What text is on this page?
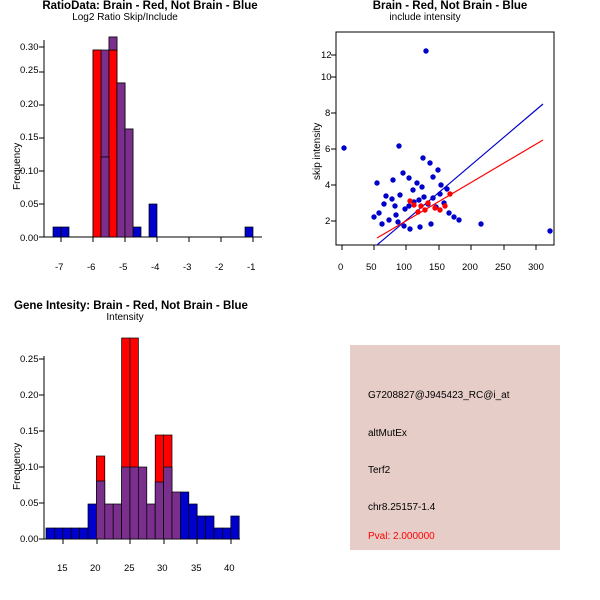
RatioData: Brain - Red, Not Brain - Blue
Frequency
Log2 Ratio Skip/Include
0.00
0.05
0.10
0.15
0.20
0.25
0.30
-7 -6 -5 -4 -3 -2 -1
Brain - Red, Not Brain - Blue
skip intensity
include intensity
2
4
6
8
10
12
0 50 100 150 200 250 300
Gene Intesity: Brain - Red, Not Brain - Blue
Frequency
Intensity
0.00
0.05
0.10
0.15
0.20
0.25
15 20 25 30 35 40
G7208827@J945423_RC@i_at
altMutEx
Terf2
chr8.25157-1.4
Pval: 2.000000
